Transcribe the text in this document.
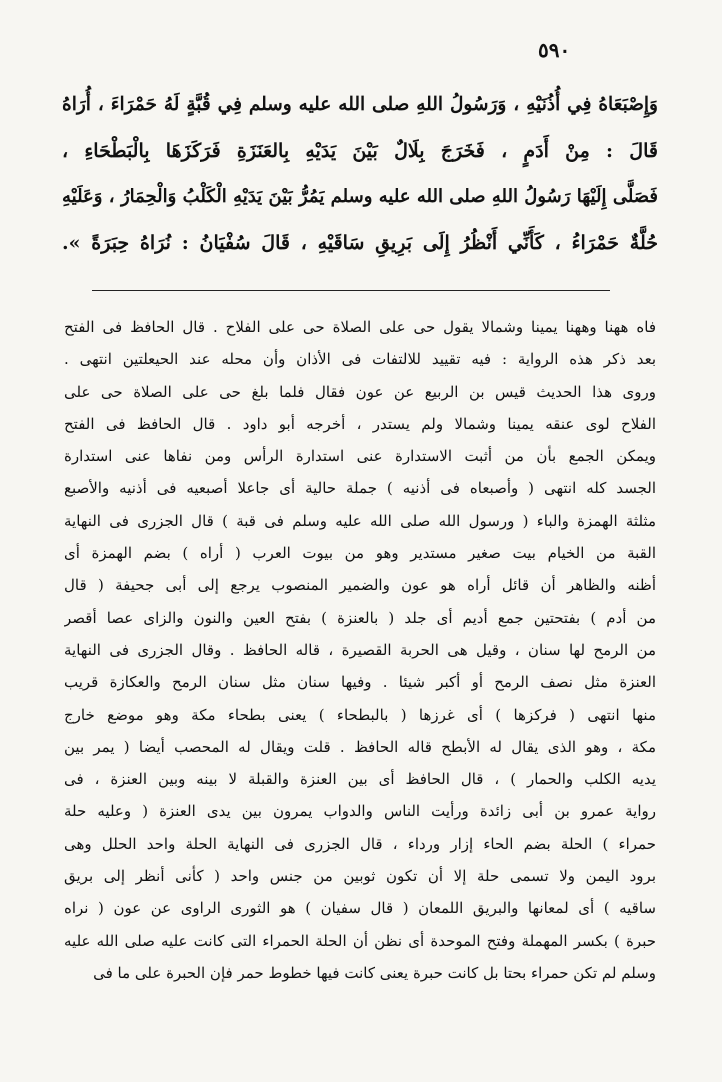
٥٩٠
وَإِصْبَعَاهُ فِي أُذُنَيْهِ ، وَرَسُولُ اللهِ صلى الله عليه وسلم فِي قُبَّةٍ لَهُ حَمْرَاءَ ، أُرَاهُ
قَالَ : مِنْ أَدَمٍ ، فَخَرَجَ بِلَالٌ بَيْنَ يَدَيْهِ بِالعَنَزَةِ فَرَكَزَهَا بِالْبَطْحَاءِ ،
فَصَلَّى إِلَيْهَا رَسُولُ اللهِ صلى الله عليه وسلم يَمُرُّ بَيْنَ يَدَيْهِ الْكَلْبُ وَالْحِمَارُ ، وَعَلَيْهِ
حُلَّةٌ حَمْرَاءُ ، كَأَنِّي أَنْظُرُ إِلَى بَرِيقِ سَاقَيْهِ ، قَالَ سُفْيَانُ : نُرَاهُ حِبَرَةً ».
فاه ههنا وههنا يمينا وشمالا يقول حى على الصلاة حى على الفلاح . قال الحافظ فى الفتح
بعد ذكر هذه الرواية : فيه تقييد للالتفات فى الأذان وأن محله عند الحيعلتين انتهى .
وروى هذا الحديث قيس بن الربيع عن عون فقال فلما بلغ حى على الصلاة حى على
الفلاح لوى عنقه يمينا وشمالا ولم يستدر ، أخرجه أبو داود . قال الحافظ فى الفتح
ويمكن الجمع بأن من أثبت الاستدارة عنى استدارة الرأس ومن نفاها عنى استدارة
الجسد كله انتهى ( وأصبعاه فى أذنيه ) جملة حالية أى جاعلا أصبعيه فى أذنيه والأصبع
مثلثة الهمزة والباء ( ورسول الله صلى الله عليه وسلم فى قبة ) قال الجزرى فى النهاية
القبة من الخيام بيت صغير مستدير وهو من بيوت العرب ( أراه ) بضم الهمزة أى
أظنه والظاهر أن قائل أراه هو عون والضمير المنصوب يرجع إلى أبى جحيفة ( قال
من أدم ) بفتحتين جمع أديم أى جلد ( بالعنزة ) بفتح العين والنون والزاى عصا أقصر
من الرمح لها سنان ، وقيل هى الحربة القصيرة ، قاله الحافظ . وقال الجزرى فى النهاية
العنزة مثل نصف الرمح أو أكبر شيئا . وفيها سنان مثل سنان الرمح والعكازة قريب
منها انتهى ( فركزها ) أى غرزها ( بالبطحاء ) يعنى بطحاء مكة وهو موضع خارج
مكة ، وهو الذى يقال له الأبطح قاله الحافظ . قلت ويقال له المحصب أيضا ( يمر بين
يديه الكلب والحمار ) ، قال الحافظ أى بين العنزة والقبلة لا بينه وبين العنزة ، فى
رواية عمرو بن أبى زائدة ورأيت الناس والدواب يمرون بين يدى العنزة ( وعليه حلة
حمراء ) الحلة بضم الحاء إزار ورداء ، قال الجزرى فى النهاية الحلة واحد الحلل وهى
برود اليمن ولا تسمى حلة إلا أن تكون ثوبين من جنس واحد ( كأنى أنظر إلى بريق
ساقيه ) أى لمعانها والبريق اللمعان ( قال سفيان ) هو الثورى الراوى عن عون ( نراه
حبرة ) بكسر المهملة وفتح الموحدة أى نظن أن الحلة الحمراء التى كانت عليه صلى الله عليه
وسلم لم تكن حمراء بحتا بل كانت حبرة يعنى كانت فيها خطوط حمر فإن الحبرة على ما فى
